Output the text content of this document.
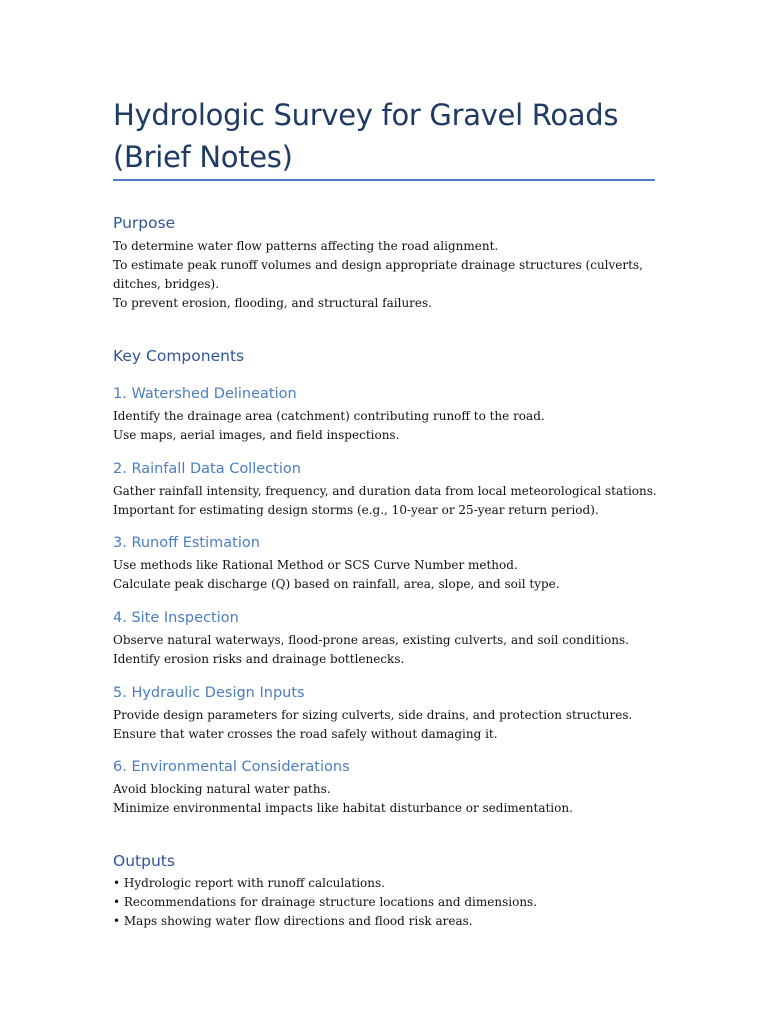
Hydrologic Survey for Gravel Roads
(Brief Notes)
Purpose

To determine water flow patterns affecting the road alignment.
To estimate peak runoff volumes and design appropriate drainage structures (culverts, ditches, bridges).
To prevent erosion, flooding, and structural failures.

Key Components
1. Watershed Delineation

Identify the drainage area (catchment) contributing runoff to the road.
Use maps, aerial images, and field inspections.

2. Rainfall Data Collection

Gather rainfall intensity, frequency, and duration data from local meteorological stations.
Important for estimating design storms (e.g., 10-year or 25-year return period).

3. Runoff Estimation

Use methods like Rational Method or SCS Curve Number method.
Calculate peak discharge (Q) based on rainfall, area, slope, and soil type.

4. Site Inspection

Observe natural waterways, flood-prone areas, existing culverts, and soil conditions.
Identify erosion risks and drainage bottlenecks.

5. Hydraulic Design Inputs

Provide design parameters for sizing culverts, side drains, and protection structures.
Ensure that water crosses the road safely without damaging it.

6. Environmental Considerations

Avoid blocking natural water paths.
Minimize environmental impacts like habitat disturbance or sedimentation.

Outputs

• Hydrologic report with runoff calculations.
• Recommendations for drainage structure locations and dimensions.
• Maps showing water flow directions and flood risk areas.
